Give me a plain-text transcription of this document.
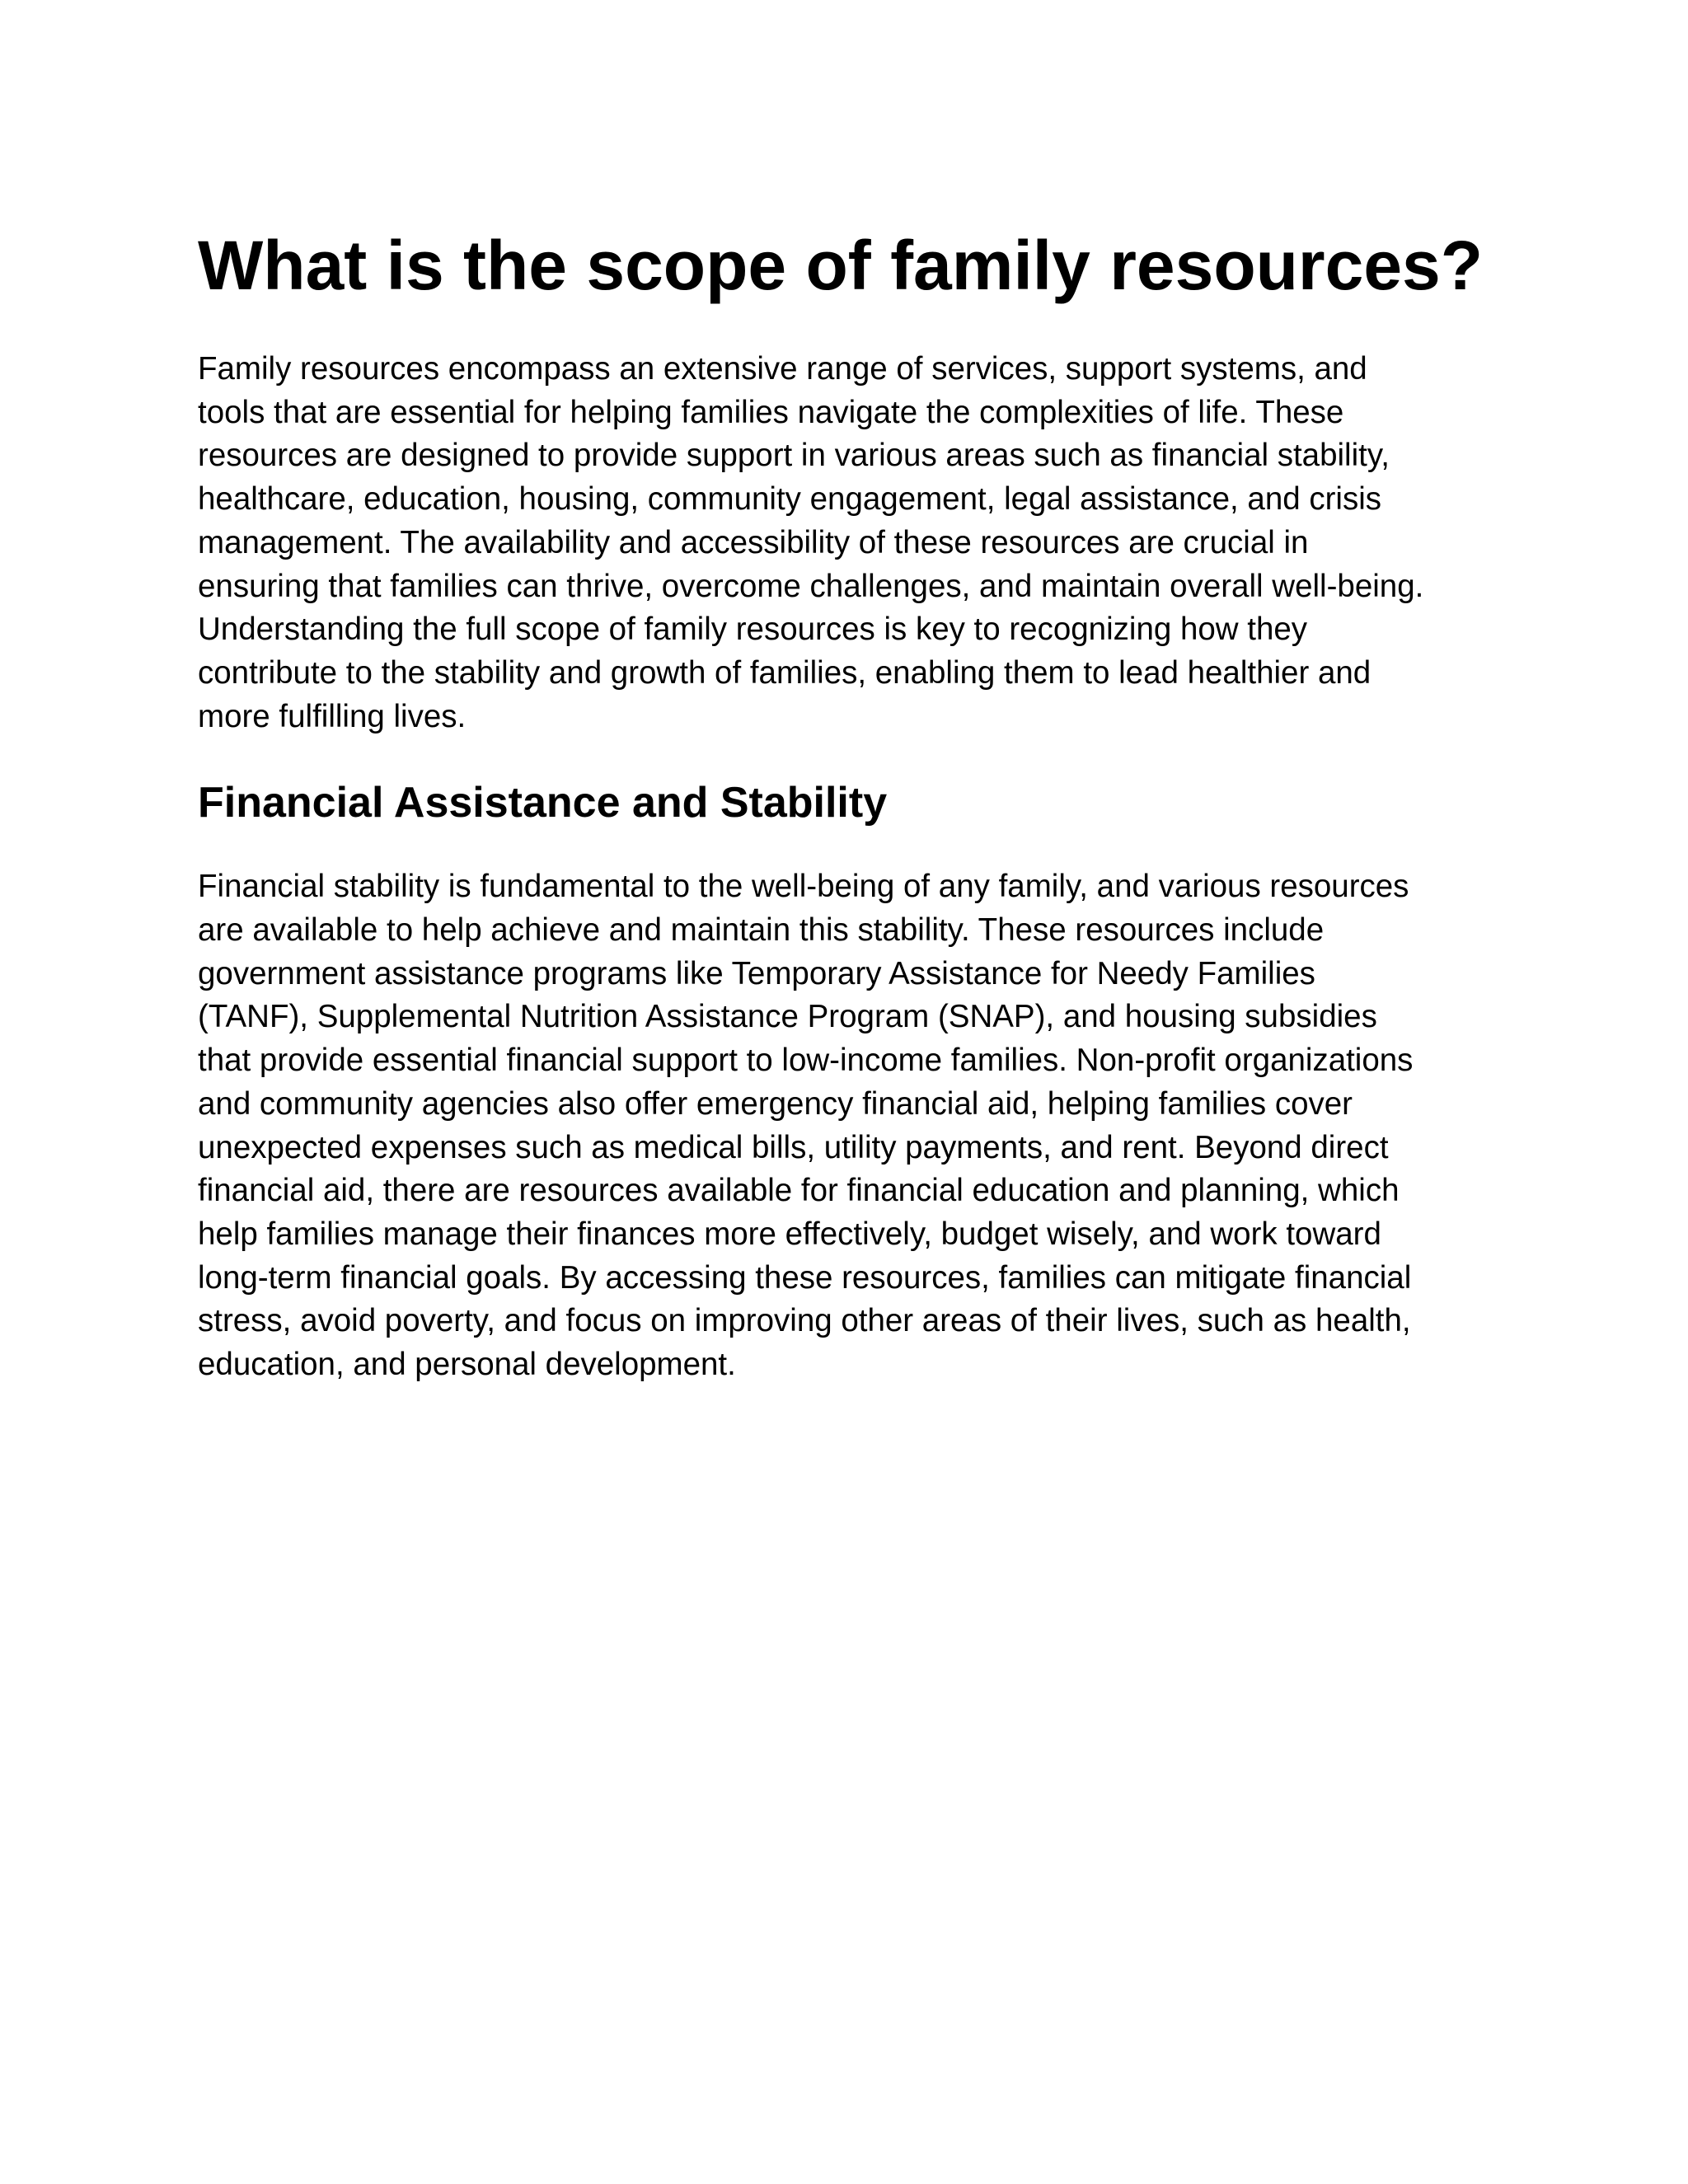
What is the scope of family resources?

Family resources encompass an extensive range of services, support systems, and
tools that are essential for helping families navigate the complexities of life. These
resources are designed to provide support in various areas such as financial stability,
healthcare, education, housing, community engagement, legal assistance, and crisis
management. The availability and accessibility of these resources are crucial in
ensuring that families can thrive, overcome challenges, and maintain overall well-being.
Understanding the full scope of family resources is key to recognizing how they
contribute to the stability and growth of families, enabling them to lead healthier and
more fulfilling lives.

Financial Assistance and Stability

Financial stability is fundamental to the well-being of any family, and various resources
are available to help achieve and maintain this stability. These resources include
government assistance programs like Temporary Assistance for Needy Families
(TANF), Supplemental Nutrition Assistance Program (SNAP), and housing subsidies
that provide essential financial support to low-income families. Non-profit organizations
and community agencies also offer emergency financial aid, helping families cover
unexpected expenses such as medical bills, utility payments, and rent. Beyond direct
financial aid, there are resources available for financial education and planning, which
help families manage their finances more effectively, budget wisely, and work toward
long-term financial goals. By accessing these resources, families can mitigate financial
stress, avoid poverty, and focus on improving other areas of their lives, such as health,
education, and personal development.
